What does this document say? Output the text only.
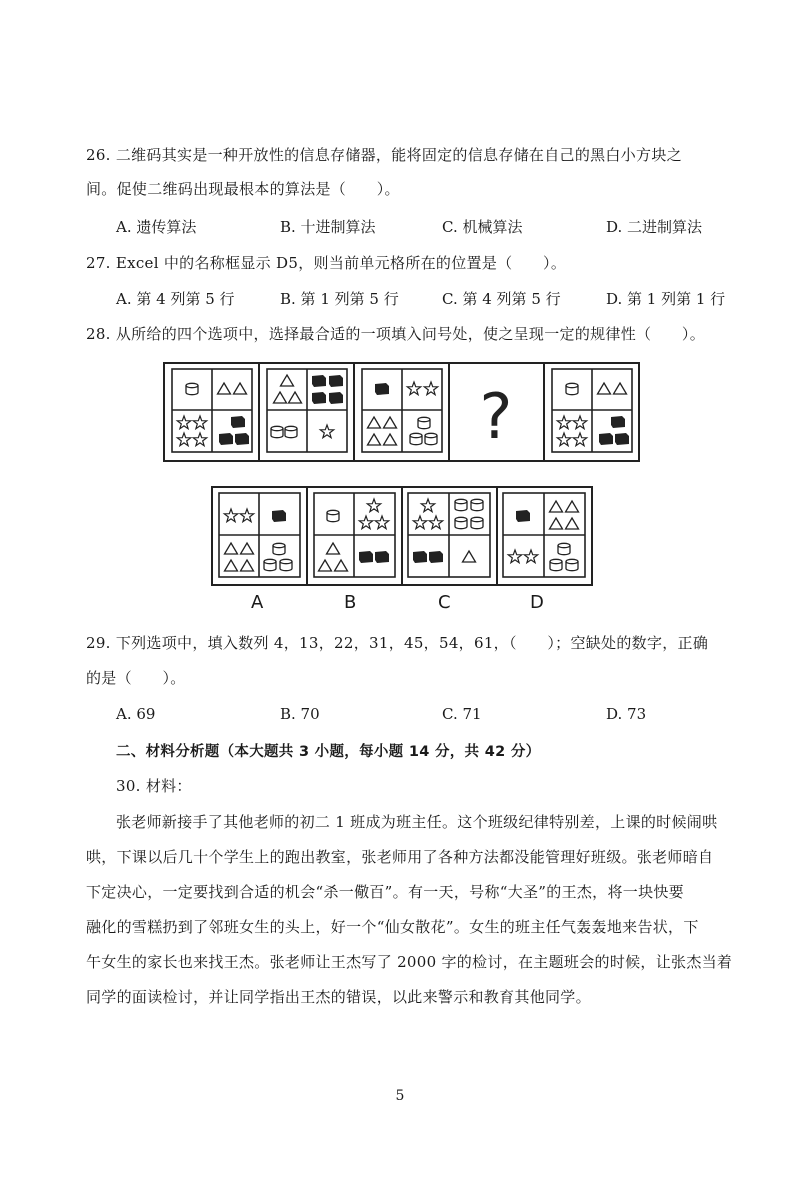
26. 二维码其实是一种开放性的信息存储器，能将固定的信息存储在自己的黑白小方块之
间。促使二维码出现最根本的算法是（　　）。
A. 遗传算法	B. 十进制算法	C. 机械算法	D. 二进制算法
27. Excel 中的名称框显示 D5，则当前单元格所在的位置是（　　）。
A. 第 4 列第 5 行	B. 第 1 列第 5 行	C. 第 4 列第 5 行	D. 第 1 列第 1 行
28. 从所给的四个选项中，选择最合适的一项填入问号处，使之呈现一定的规律性（　　）。
?
A	B	C	D
29. 下列选项中，填入数列 4，13，22，31，45，54，61，（　　）；空缺处的数字，正确
的是（　　）。
A. 69	B. 70	C. 71	D. 73
二、材料分析题（本大题共 3 小题，每小题 14 分，共 42 分）
30. 材料：
张老师新接手了其他老师的初二 1 班成为班主任。这个班级纪律特别差，上课的时候闹哄
哄，下课以后几十个学生上的跑出教室，张老师用了各种方法都没能管理好班级。张老师暗自
下定决心，一定要找到合适的机会“杀一儆百”。有一天，号称“大圣”的王杰，将一块快要
融化的雪糕扔到了邻班女生的头上，好一个“仙女散花”。女生的班主任气轰轰地来告状，下
午女生的家长也来找王杰。张老师让王杰写了 2000 字的检讨，在主题班会的时候，让张杰当着
同学的面读检讨，并让同学指出王杰的错误，以此来警示和教育其他同学。
5
